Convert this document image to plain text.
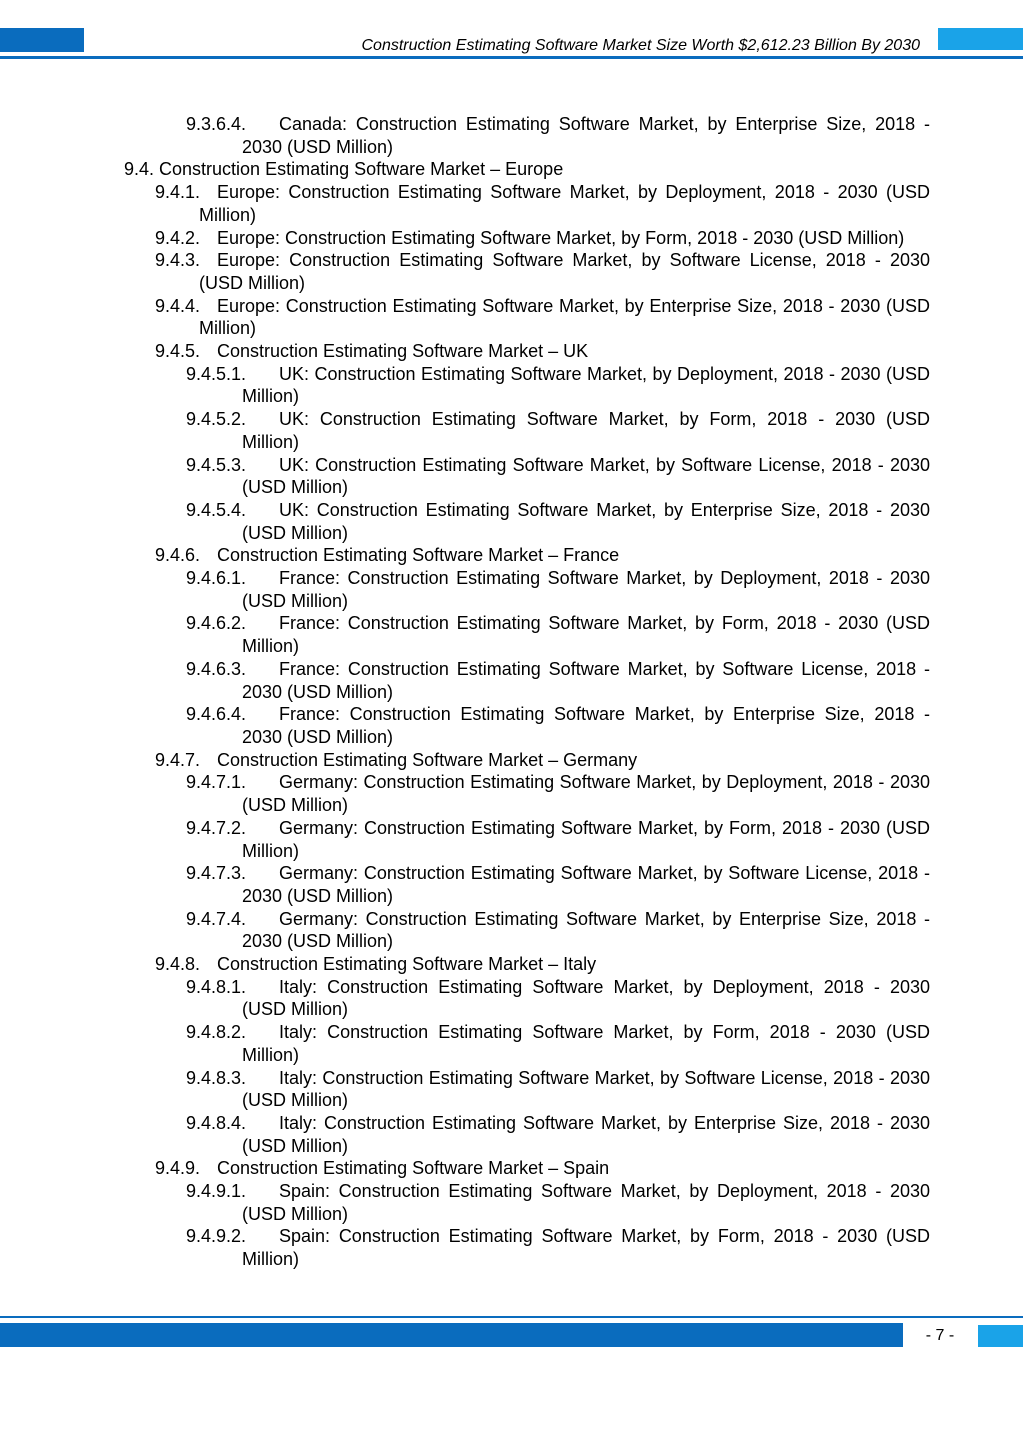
Construction Estimating Software Market Size Worth $2,612.23 Billion By 2030
9.3.6.4.	Canada: Construction Estimating Software Market, by Enterprise Size, 2018 - 2030 (USD Million)
9.4. Construction Estimating Software Market – Europe
9.4.1. Europe: Construction Estimating Software Market, by Deployment, 2018 - 2030 (USD Million)
9.4.2. Europe: Construction Estimating Software Market, by Form, 2018 - 2030 (USD Million)
9.4.3. Europe: Construction Estimating Software Market, by Software License, 2018 - 2030 (USD Million)
9.4.4. Europe: Construction Estimating Software Market, by Enterprise Size, 2018 - 2030 (USD Million)
9.4.5. Construction Estimating Software Market – UK
9.4.5.1.	UK: Construction Estimating Software Market, by Deployment, 2018 - 2030 (USD Million)
9.4.5.2.	UK: Construction Estimating Software Market, by Form, 2018 - 2030 (USD Million)
9.4.5.3.	UK: Construction Estimating Software Market, by Software License, 2018 - 2030 (USD Million)
9.4.5.4.	UK: Construction Estimating Software Market, by Enterprise Size, 2018 - 2030 (USD Million)
9.4.6. Construction Estimating Software Market – France
9.4.6.1.	France: Construction Estimating Software Market, by Deployment, 2018 - 2030 (USD Million)
9.4.6.2.	France: Construction Estimating Software Market, by Form, 2018 - 2030 (USD Million)
9.4.6.3.	France: Construction Estimating Software Market, by Software License, 2018 - 2030 (USD Million)
9.4.6.4.	France: Construction Estimating Software Market, by Enterprise Size, 2018 - 2030 (USD Million)
9.4.7. Construction Estimating Software Market – Germany
9.4.7.1.	Germany: Construction Estimating Software Market, by Deployment, 2018 - 2030 (USD Million)
9.4.7.2.	Germany: Construction Estimating Software Market, by Form, 2018 - 2030 (USD Million)
9.4.7.3.	Germany: Construction Estimating Software Market, by Software License, 2018 - 2030 (USD Million)
9.4.7.4.	Germany: Construction Estimating Software Market, by Enterprise Size, 2018 - 2030 (USD Million)
9.4.8. Construction Estimating Software Market – Italy
9.4.8.1.	Italy: Construction Estimating Software Market, by Deployment, 2018 - 2030 (USD Million)
9.4.8.2.	Italy: Construction Estimating Software Market, by Form, 2018 - 2030 (USD Million)
9.4.8.3.	Italy: Construction Estimating Software Market, by Software License, 2018 - 2030 (USD Million)
9.4.8.4.	Italy: Construction Estimating Software Market, by Enterprise Size, 2018 - 2030 (USD Million)
9.4.9. Construction Estimating Software Market – Spain
9.4.9.1.	Spain: Construction Estimating Software Market, by Deployment, 2018 - 2030 (USD Million)
9.4.9.2.	Spain: Construction Estimating Software Market, by Form, 2018 - 2030 (USD Million)
- 7 -
